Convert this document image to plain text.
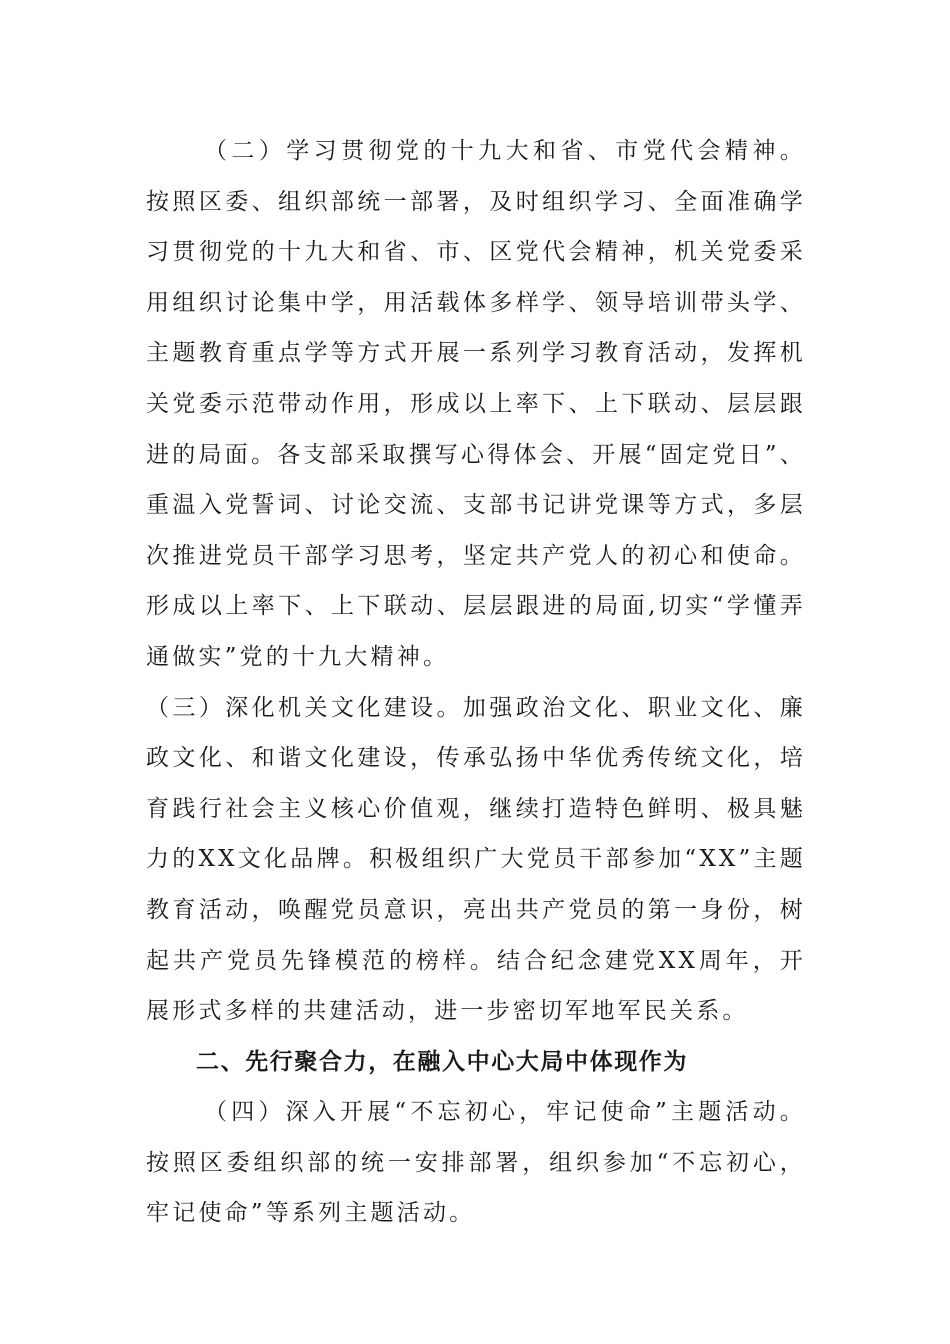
（二）学习贯彻党的十九大和省、市党代会精神。按照区委、组织部统一部署，及时组织学习、全面准确学习贯彻党的十九大和省、市、区党代会精神，机关党委采用组织讨论集中学，用活载体多样学、领导培训带头学、主题教育重点学等方式开展一系列学习教育活动，发挥机关党委示范带动作用，形成以上率下、上下联动、层层跟进的局面。各支部采取撰写心得体会、开展“固定党日”、重温入党誓词、讨论交流、支部书记讲党课等方式，多层次推进党员干部学习思考，坚定共产党人的初心和使命。形成以上率下、上下联动、层层跟进的局面,切实“学懂弄通做实”党的十九大精神。

（三）深化机关文化建设。加强政治文化、职业文化、廉政文化、和谐文化建设，传承弘扬中华优秀传统文化，培育践行社会主义核心价值观，继续打造特色鲜明、极具魅力的XX文化品牌。积极组织广大党员干部参加“XX”主题教育活动，唤醒党员意识，亮出共产党员的第一身份，树起共产党员先锋模范的榜样。结合纪念建党XX周年，开展形式多样的共建活动，进一步密切军地军民关系。

二、先行聚合力，在融入中心大局中体现作为

（四）深入开展“不忘初心，牢记使命”主题活动。按照区委组织部的统一安排部署，组织参加“不忘初心，牢记使命”等系列主题活动。
